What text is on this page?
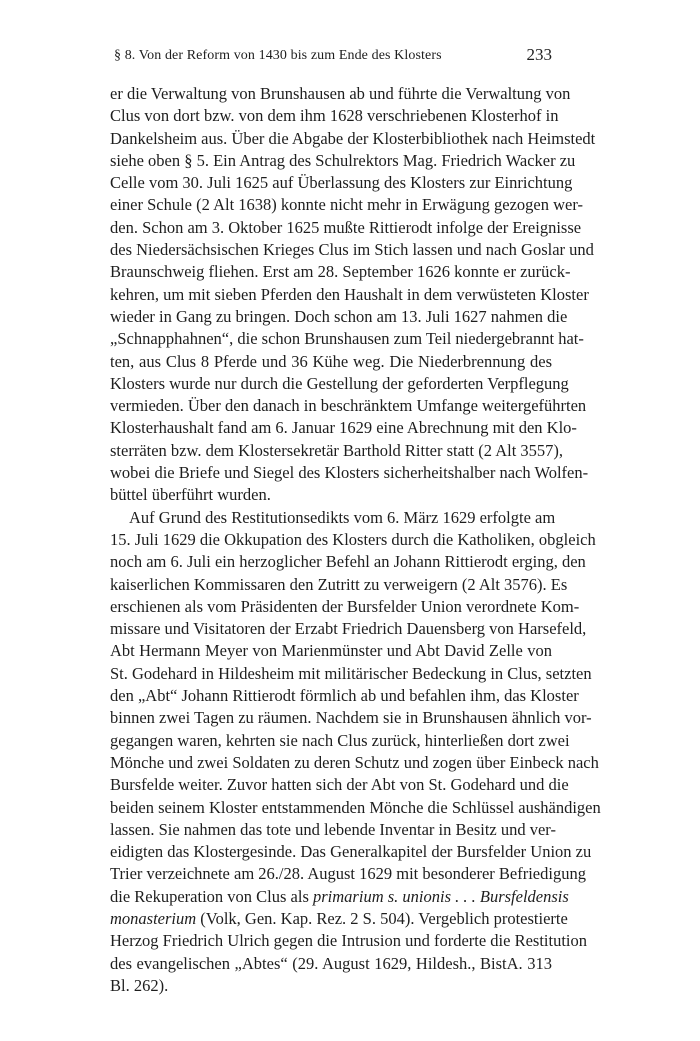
§ 8. Von der Reform von 1430 bis zum Ende des Klosters	233

er die Verwaltung von Brunshausen ab und führte die Verwaltung von
Clus von dort bzw. von dem ihm 1628 verschriebenen Klosterhof in
Dankelsheim aus. Über die Abgabe der Klosterbibliothek nach Heimstedt
siehe oben § 5. Ein Antrag des Schulrektors Mag. Friedrich Wacker zu
Celle vom 30. Juli 1625 auf Überlassung des Klosters zur Einrichtung
einer Schule (2 Alt 1638) konnte nicht mehr in Erwägung gezogen wer-
den. Schon am 3. Oktober 1625 mußte Rittierodt infolge der Ereignisse
des Niedersächsischen Krieges Clus im Stich lassen und nach Goslar und
Braunschweig fliehen. Erst am 28. September 1626 konnte er zurück-
kehren, um mit sieben Pferden den Haushalt in dem verwüsteten Kloster
wieder in Gang zu bringen. Doch schon am 13. Juli 1627 nahmen die
„Schnapphahnen“, die schon Brunshausen zum Teil niedergebrannt hat-
ten, aus Clus 8 Pferde und 36 Kühe weg. Die Niederbrennung des
Klosters wurde nur durch die Gestellung der geforderten Verpflegung
vermieden. Über den danach in beschränktem Umfange weitergeführten
Klosterhaushalt fand am 6. Januar 1629 eine Abrechnung mit den Klo-
sterräten bzw. dem Klostersekretär Barthold Ritter statt (2 Alt 3557),
wobei die Briefe und Siegel des Klosters sicherheitshalber nach Wolfen-
büttel überführt wurden.

Auf Grund des Restitutionsedikts vom 6. März 1629 erfolgte am
15. Juli 1629 die Okkupation des Klosters durch die Katholiken, obgleich
noch am 6. Juli ein herzoglicher Befehl an Johann Rittierodt erging, den
kaiserlichen Kommissaren den Zutritt zu verweigern (2 Alt 3576). Es
erschienen als vom Präsidenten der Bursfelder Union verordnete Kom-
missare und Visitatoren der Erzabt Friedrich Dauensberg von Harsefeld,
Abt Hermann Meyer von Marienmünster und Abt David Zelle von
St. Godehard in Hildesheim mit militärischer Bedeckung in Clus, setzten
den „Abt“ Johann Rittierodt förmlich ab und befahlen ihm, das Kloster
binnen zwei Tagen zu räumen. Nachdem sie in Brunshausen ähnlich vor-
gegangen waren, kehrten sie nach Clus zurück, hinterließen dort zwei
Mönche und zwei Soldaten zu deren Schutz und zogen über Einbeck nach
Bursfelde weiter. Zuvor hatten sich der Abt von St. Godehard und die
beiden seinem Kloster entstammenden Mönche die Schlüssel aushändigen
lassen. Sie nahmen das tote und lebende Inventar in Besitz und ver-
eidigten das Klostergesinde. Das Generalkapitel der Bursfelder Union zu
Trier verzeichnete am 26./28. August 1629 mit besonderer Befriedigung
die Rekuperation von Clus als primarium s. unionis . . . Bursfeldensis
monasterium (Volk, Gen. Kap. Rez. 2 S. 504). Vergeblich protestierte
Herzog Friedrich Ulrich gegen die Intrusion und forderte die Restitution
des evangelischen „Abtes“ (29. August 1629, Hildesh., BistA. 313
Bl. 262).
